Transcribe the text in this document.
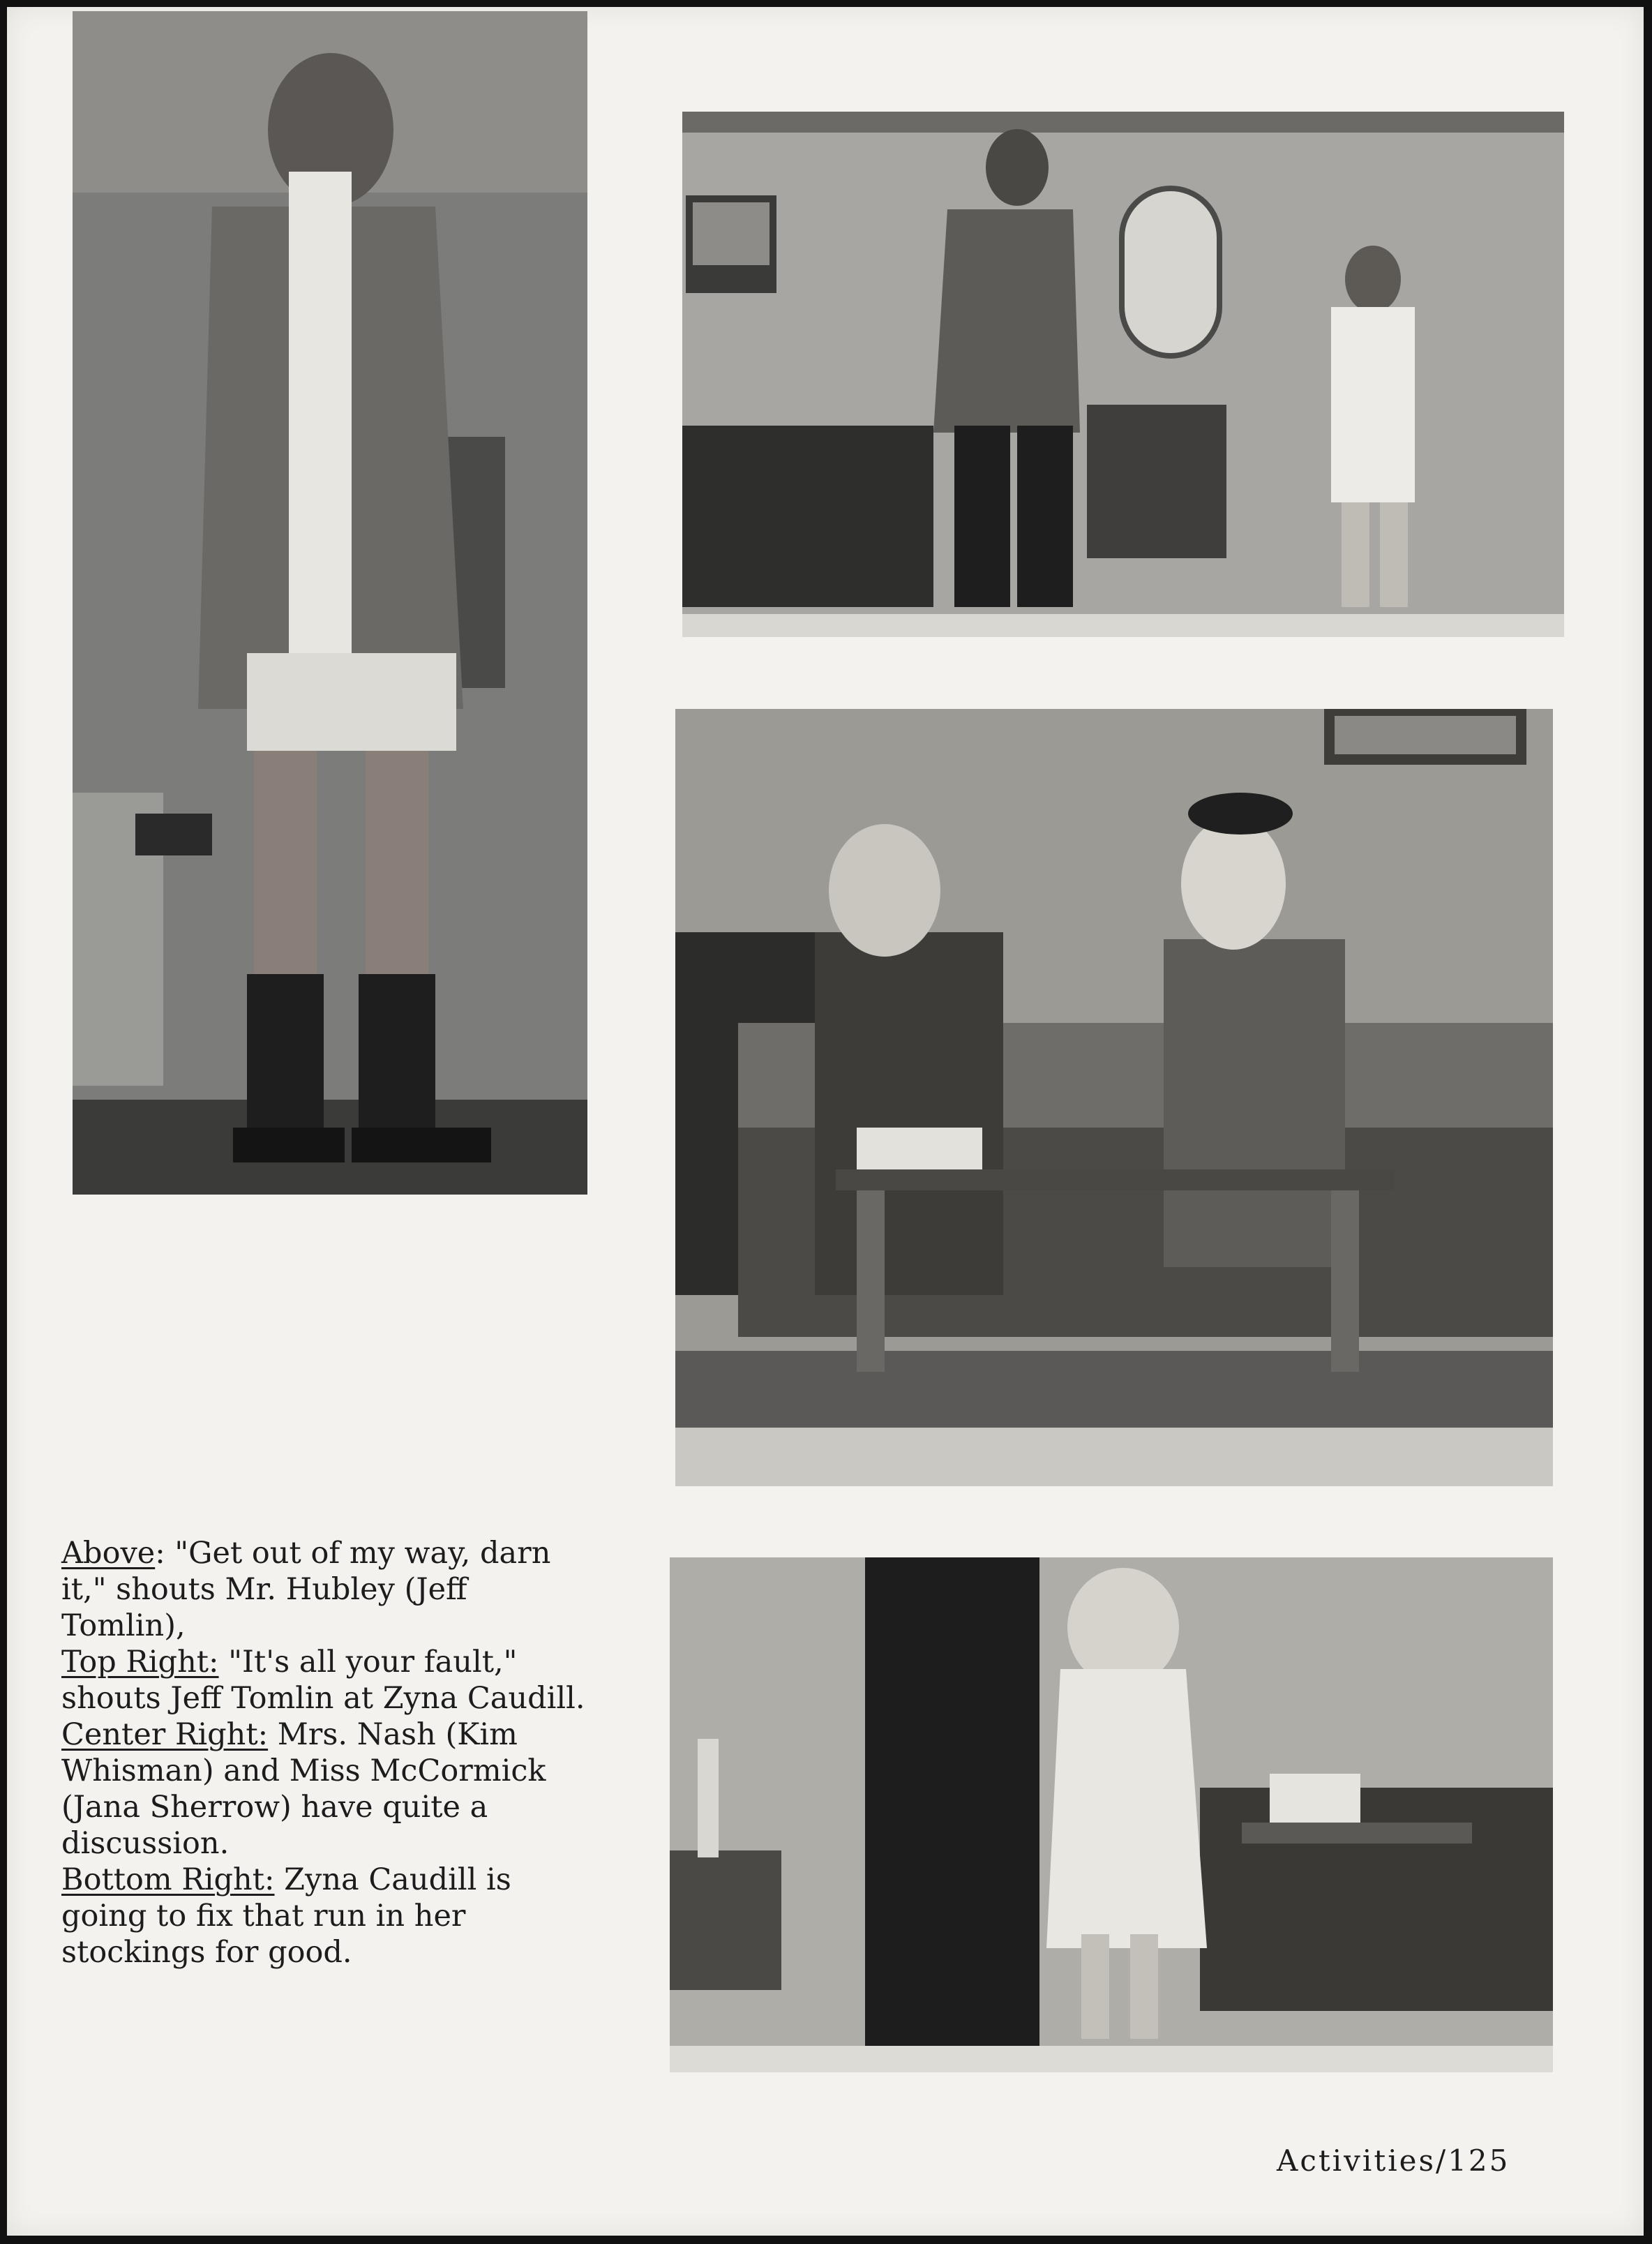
Above: "Get out of my way, darn it," shouts Mr. Hubley (Jeff Tomlin),

Top Right: "It's all your fault," shouts Jeff Tomlin at Zyna Caudill.

Center Right: Mrs. Nash (Kim Whisman) and Miss McCormick (Jana Sherrow) have quite a discussion.

Bottom Right: Zyna Caudill is going to fix that run in her stockings for good.

Activities/125
